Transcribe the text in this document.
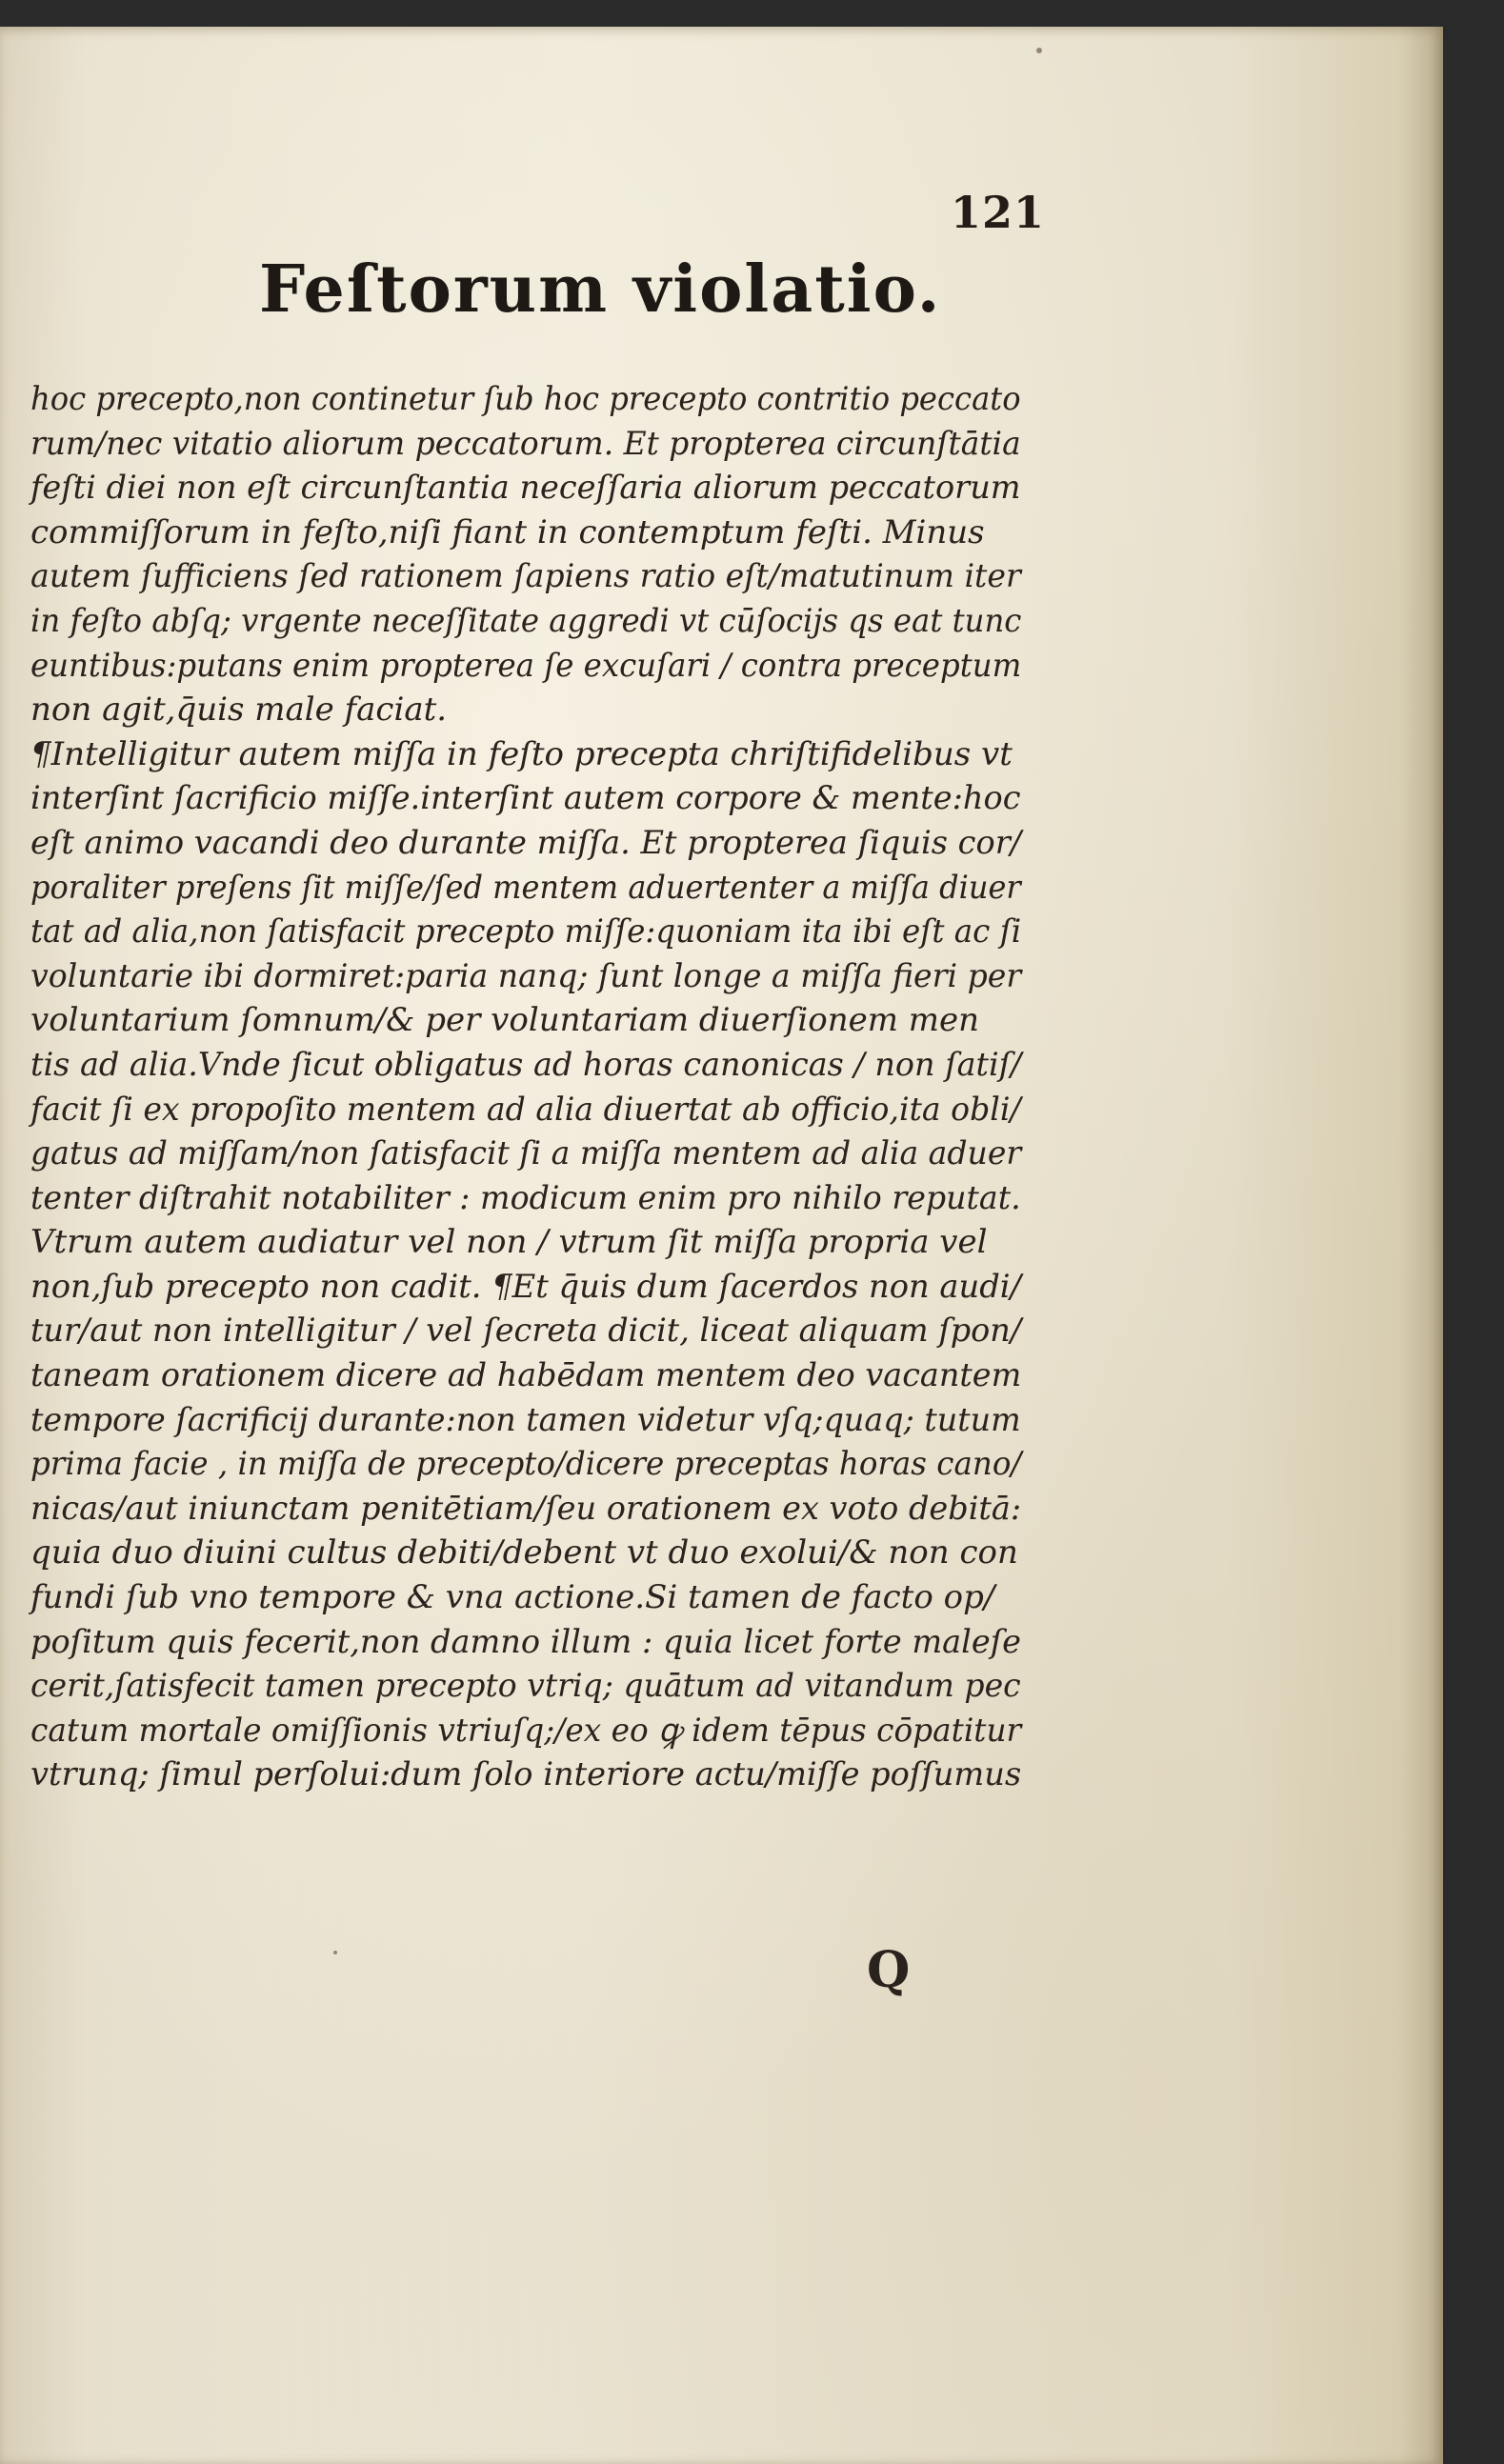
121
Feſtorum violatio.
hoc precepto,non continetur ſub hoc precepto contritio peccato
rum/nec vitatio aliorum peccatorum. Et propterea circunſtātia
feſti diei non eſt circunſtantia neceſſaria aliorum peccatorum
commiſſorum in feſto,niſi fiant in contemptum feſti. Minus
autem ſufficiens ſed rationem ſapiens ratio eſt/matutinum iter
in feſto abſq; vrgente neceſſitate aggredi vt cūſocijs qs eat tunc
euntibus:putans enim propterea ſe excuſari / contra preceptum
non agit,q̄uis male faciat.
¶Intelligitur autem miſſa in feſto precepta chriſtifidelibus vt
interſint ſacrificio miſſe.interſint autem corpore & mente:hoc
eſt animo vacandi deo durante miſſa. Et propterea ſiquis cor/
poraliter preſens ſit miſſe/ſed mentem aduertenter a miſſa diuer
tat ad alia,non ſatisfacit precepto miſſe:quoniam ita ibi eſt ac ſi
voluntarie ibi dormiret:paria nanq; ſunt longe a miſſa fieri per
voluntarium ſomnum/& per voluntariam diuerſionem men
tis ad alia.Vnde ſicut obligatus ad horas canonicas / non ſatiſ/
facit ſi ex propoſito mentem ad alia diuertat ab officio,ita obli/
gatus ad miſſam/non ſatisfacit ſi a miſſa mentem ad alia aduer
tenter diſtrahit notabiliter : modicum enim pro nihilo reputat.
Vtrum autem audiatur vel non / vtrum ſit miſſa propria vel
non,ſub precepto non cadit. ¶Et q̄uis dum ſacerdos non audi/
tur/aut non intelligitur / vel ſecreta dicit, liceat aliquam ſpon/
taneam orationem dicere ad habēdam mentem deo vacantem
tempore ſacrificij durante:non tamen videtur vſq;quaq; tutum
prima facie , in miſſa de precepto/dicere preceptas horas cano/
nicas/aut iniunctam penitētiam/ſeu orationem ex voto debitā:
quia duo diuini cultus debiti/debent vt duo exolui/& non con
fundi ſub vno tempore & vna actione.Si tamen de facto op/
poſitum quis fecerit,non damno illum : quia licet forte maleſe
cerit,ſatisfecit tamen precepto vtriq; quātum ad vitandum pec
catum mortale omiſſionis vtriuſq;/ex eo ꝙ idem tēpus cōpatitur
vtrunq; ſimul perſolui:dum ſolo interiore actu/miſſe poſſumus
Q
